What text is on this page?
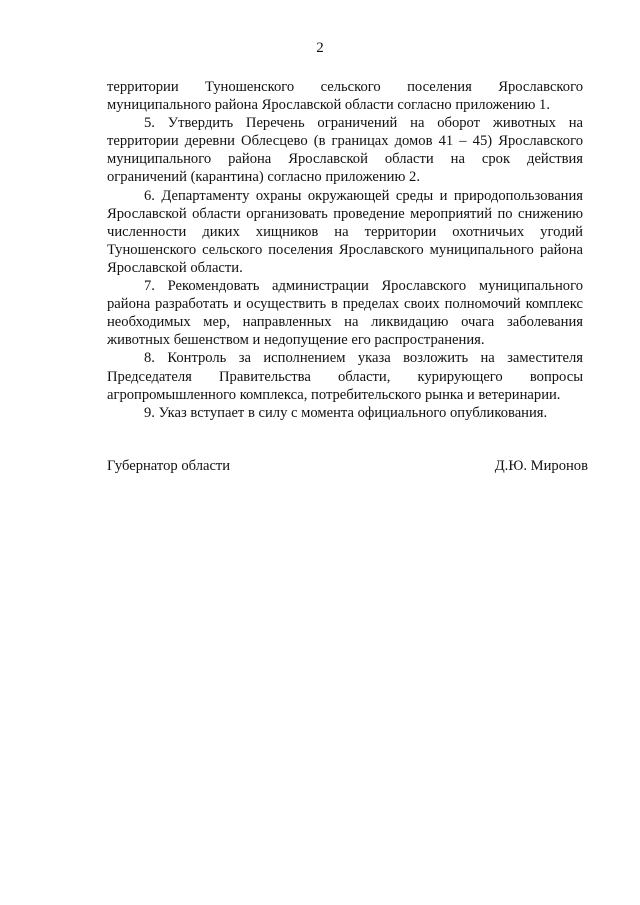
2

территории Туношенского сельского поселения Ярославского муниципального района Ярославской области согласно приложению 1.

5. Утвердить Перечень ограничений на оборот животных на территории деревни Облесцево (в границах домов 41 – 45) Ярославского муниципального района Ярославской области на срок действия ограничений (карантина) согласно приложению 2.

6. Департаменту охраны окружающей среды и природопользования Ярославской области организовать проведение мероприятий по снижению численности диких хищников на территории охотничьих угодий Туношенского сельского поселения Ярославского муниципального района Ярославской области.

7. Рекомендовать администрации Ярославского муниципального района разработать и осуществить в пределах своих полномочий комплекс необходимых мер, направленных на ликвидацию очага заболевания животных бешенством и недопущение его распространения.

8. Контроль за исполнением указа возложить на заместителя Председателя Правительства области, курирующего вопросы агропромышленного комплекса, потребительского рынка и ветеринарии.

9. Указ вступает в силу с момента официального опубликования.

Губернатор области	Д.Ю. Миронов
